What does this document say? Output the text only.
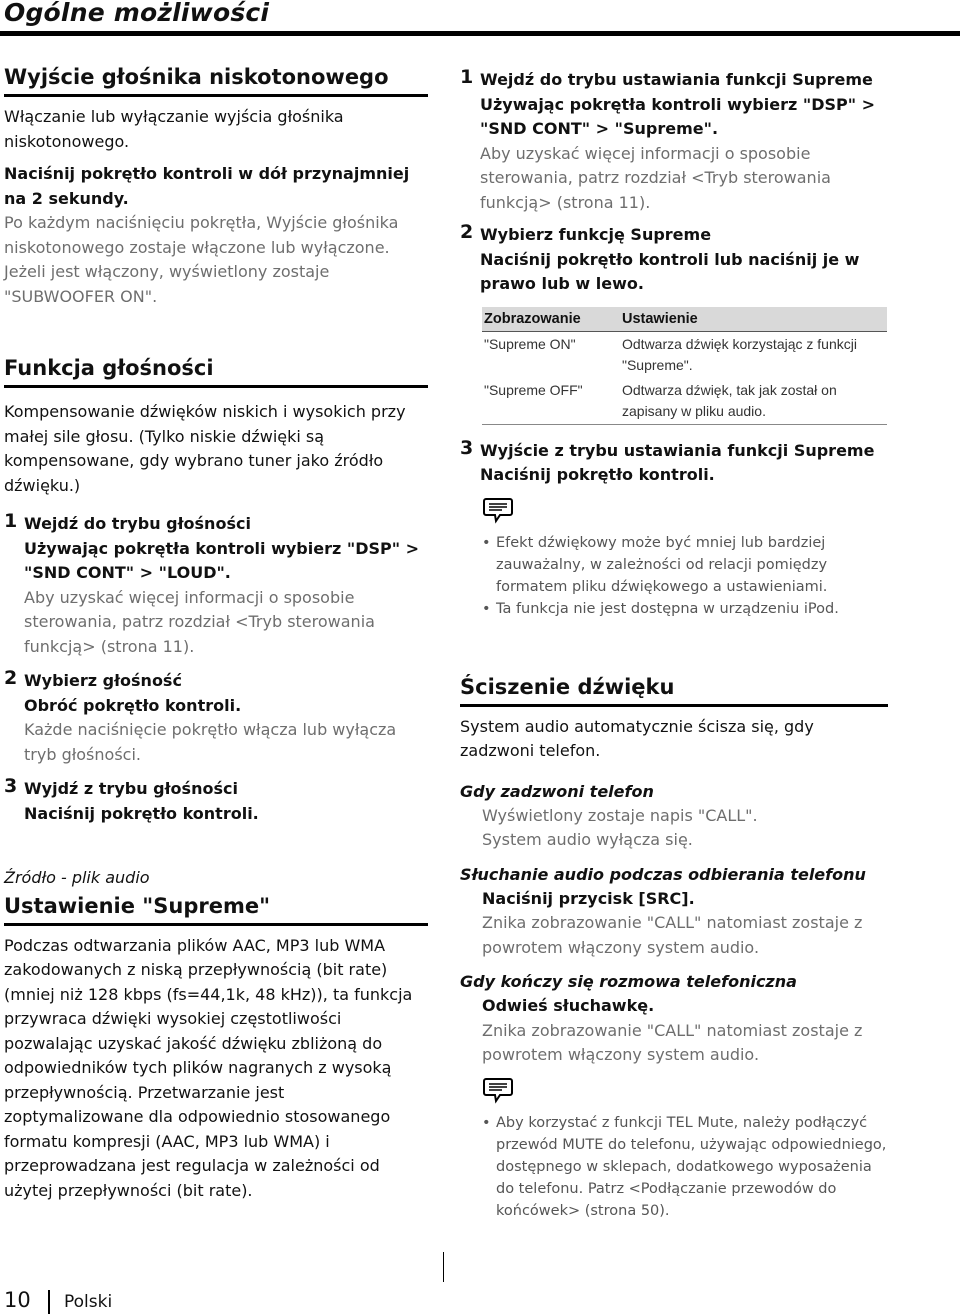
Ogólne możliwości
Wyjście głośnika niskotonowego

Włączanie lub wyłączanie wyjścia głośnika niskotonowego.

Naciśnij pokrętło kontroli w dół przynajmniej na 2 sekundy.

Po każdym naciśnięciu pokrętła, Wyjście głośnika niskotonowego zostaje włączone lub wyłączone.

Jeżeli jest włączony, wyświetlony zostaje "SUBWOOFER ON".

Funkcja głośności

Kompensowanie dźwięków niskich i wysokich przy małej sile głosu. (Tylko niskie dźwięki są kompensowane, gdy wybrano tuner jako źródło dźwięku.)

1 Wejdź do trybu głośności

Używając pokrętła kontroli wybierz "DSP" > "SND CONT" > "LOUD".

Aby uzyskać więcej informacji o sposobie sterowania, patrz rozdział <Tryb sterowania funkcją> (strona 11).

2 Wybierz głośność

Obróć pokrętło kontroli.

Każde naciśnięcie pokrętło włącza lub wyłącza tryb głośności.

3 Wyjdź z trybu głośności

Naciśnij pokrętło kontroli.

Źródło - plik audio

Ustawienie "Supreme"

Podczas odtwarzania plików AAC, MP3 lub WMA zakodowanych z niską przepływnością (bit rate) (mniej niż 128 kbps (fs=44,1k, 48 kHz)), ta funkcja przywraca dźwięki wysokiej częstotliwości pozwalając uzyskać jakość dźwięku zbliżoną do odpowiedników tych plików nagranych z wysoką przepływnością. Przetwarzanie jest zoptymalizowane dla odpowiednio stosowanego formatu kompresji (AAC, MP3 lub WMA) i przeprowadzana jest regulacja w zależności od użytej przepływności (bit rate).

1 Wejdź do trybu ustawiania funkcji Supreme

Używając pokrętła kontroli wybierz "DSP" > "SND CONT" > "Supreme".

Aby uzyskać więcej informacji o sposobie sterowania, patrz rozdział <Tryb sterowania funkcją> (strona 11).

2 Wybierz funkcję Supreme

Naciśnij pokrętło kontroli lub naciśnij je w prawo lub w lewo.

Zobrazowanie	Ustawienie
"Supreme ON"	Odtwarza dźwięk korzystając z funkcji "Supreme".
"Supreme OFF"	Odtwarza dźwięk, tak jak został on zapisany w pliku audio.
3 Wyjście z trybu ustawiania funkcji Supreme

Naciśnij pokrętło kontroli.

• Efekt dźwiękowy może być mniej lub bardziej zauważalny, w zależności od relacji pomiędzy formatem pliku dźwiękowego a ustawieniami.
• Ta funkcja nie jest dostępna w urządzeniu iPod.
Ściszenie dźwięku

System audio automatycznie ścisza się, gdy zadzwoni telefon.

Gdy zadzwoni telefon

Wyświetlony zostaje napis "CALL".

System audio wyłącza się.

Słuchanie audio podczas odbierania telefonu

Naciśnij przycisk [SRC].

Znika zobrazowanie "CALL" natomiast zostaje z powrotem włączony system audio.

Gdy kończy się rozmowa telefoniczna

Odwieś słuchawkę.

Znika zobrazowanie "CALL" natomiast zostaje z powrotem włączony system audio.

• Aby korzystać z funkcji TEL Mute, należy podłączyć przewód MUTE do telefonu, używając odpowiedniego, dostępnego w sklepach, dodatkowego wyposażenia do telefonu. Patrz <Podłączanie przewodów do końcówek> (strona 50).
10 Polski
